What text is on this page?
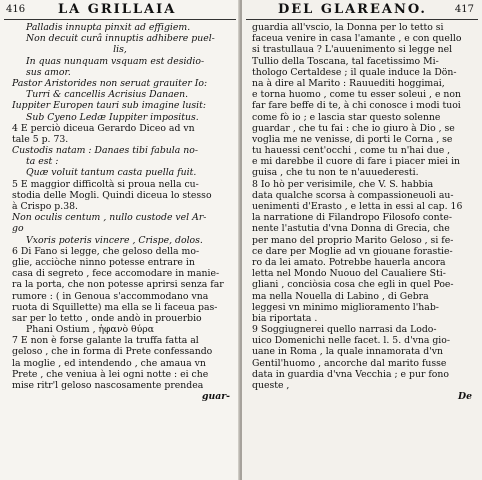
416	LA GRILLAIA
Palladis innupta pinxit ad effigiem.
Non decuit curâ innuptis adhibere puel-
lis,
In quas nunquam vsquam est desidio-
sus amor.
Pastor Aristorides non seruat grauiter Io:
Turri & cancellis Acrisius Danaen.
Iuppiter Europen tauri sub imagine lusit:
Sub Cyeno Ledæ Iuppiter impositus.
4 E perciò diceua Gerardo Diceo ad vn
tale 5 p. 73.
Custodis natam : Danaes tibi fabula no-
ta est :
Quæ voluit tantum casta puella fuit.
5 E maggior difficoltà si proua nella cu-
stodia delle Mogli. Quindi diceua lo stesso
à Crispo p.38.
Non oculis centum , nullo custode vel Ar-
go
Vxoris poteris vincere , Crispe, dolos.
6 Di Fano si legge, che geloso della mo-
glie, acciòche ninno potesse entrare in
casa di segreto , fece accomodare in manie-
ra la porta, che non potesse aprirsi senza far
rumore : ( in Genoua s'accommodano vna
ruota di Squillette) ma ella se li faceua pas-
sar per lo tetto , onde andò in prouerbio
Phani Ostium , ἡφανὸ θύρα
7 E non è forse galante la truffa fatta al
geloso , che in forma di Prete confessando
la moglie , ed intendendo , che amaua vn
Prete , che veniua à lei ogni notte : ei che
mise ritr'l geloso nascosamente prendea
guar-
DEL GLAREANO.	417
guardia all'vscio, la Donna per lo tetto si
faceua venire in casa l'amante , e con quello
si trastullaua ? L'auuenimento si legge nel
Tullio della Toscana, tal facetissimo Mi-
thologo Certaldese ; il quale induce la Dön-
na à dire al Marito : Rauuediti hoggimai,
e torna huomo , come tu esser soleui , e non
far fare beffe di te, à chi conosce i modi tuoi
come fò io ; e lascia star questo solenne
guardar , che tu fai : che io giuro à Dio , se
voglia me ne venisse, di porti le Corna , se
tu hauessi cent'occhi , come tu n'hai due ,
e mi darebbe il cuore di fare i piacer miei in
guisa , che tu non te n'auuederesti.
8 Io hò per verisimile, che V. S. habbia
data qualche scorsa à compassioneuoli au-
uenimenti d'Erasto , e letta in essi al cap. 16
la narratione di Filandropo Filosofo conte-
nente l'astutia d'vna Donna di Grecia, che
per mano del proprio Marito Geloso , si fe-
ce dare per Moglie ad vn giouane forastie-
ro da lei amato. Potrebbe hauerla ancora
letta nel Mondo Nuouo del Caualiere Sti-
gliani , conciòsia cosa che egli in quel Poe-
ma nella Nouella di Labino , di Gebra
leggesi vn minimo miglioramento l'hab-
bia riportata .
9 Soggiugnerei quello narrasi da Lodo-
uico Domenichi nelle facet. l. 5. d'vna gio-
uane in Roma , la quale innamorata d'vn
Gentil'huomo , ancorche dal marito fusse
data in guardia d'vna Vecchia ; e pur fono
queste ,
De
